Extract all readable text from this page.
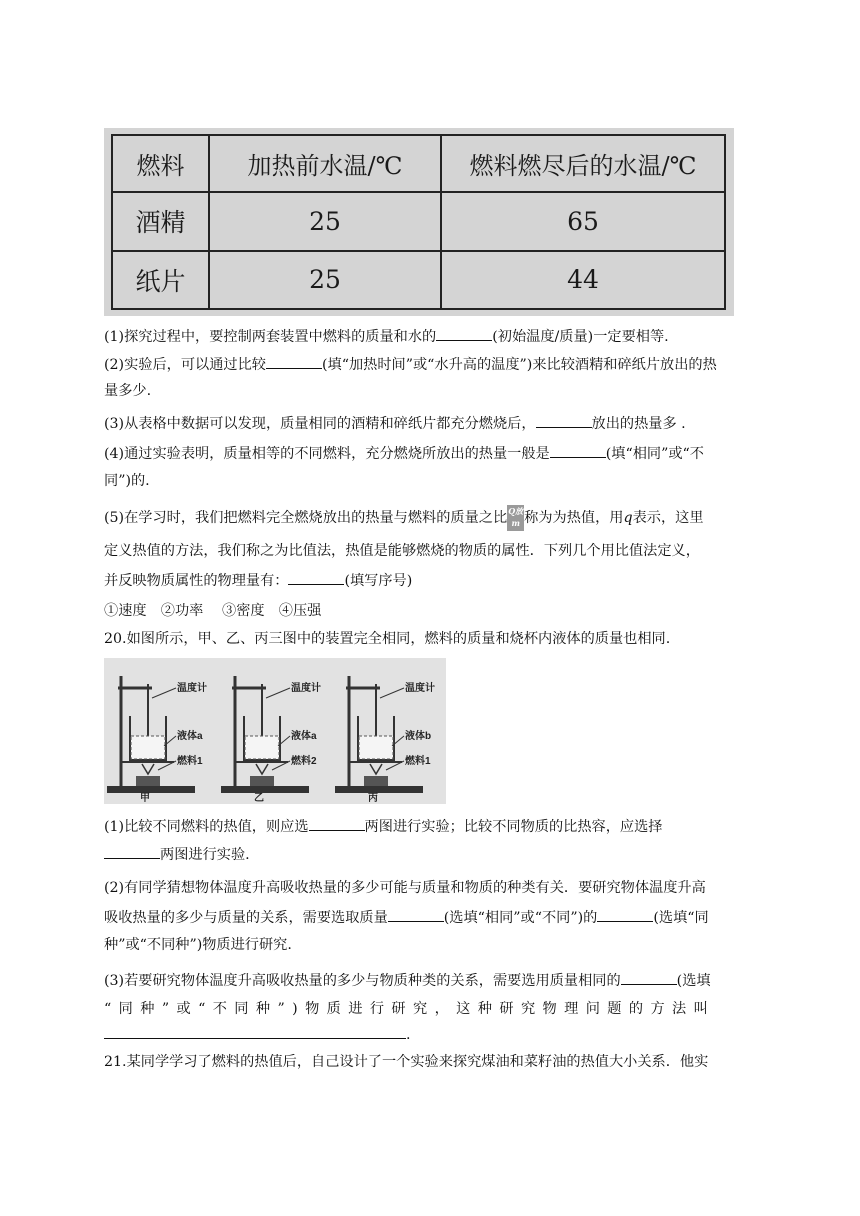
燃料	加热前水温/℃	燃料燃尽后的水温/℃
酒精	25	65
纸片	25	44
(1)探究过程中，要控制两套装置中燃料的质量和水的	(初始温度/质量)一定要相等.
(2)实验后，可以通过比较	(填“加热时间”或“水升高的温度”)来比较酒精和碎纸片放出的热
量多少.
(3)从表格中数据可以发现，质量相同的酒精和碎纸片都充分燃烧后，	放出的热量多 .
(4)通过实验表明，质量相等的不同燃料，充分燃烧所放出的热量一般是	(填“相同”或“不
同”)的.
(5)在学习时，我们把燃料完全燃烧放出的热量与燃料的质量之比Q放
m 称为为热值，用q表示，这里
定义热值的方法，我们称之为比值法，热值是能够燃烧的物质的属性．下列几个用比值法定义，
并反映物质属性的物理量有：	(填写序号)
①速度　②功率　 ③密度　④压强
20.如图所示，甲、乙、丙三图中的装置完全相同，燃料的质量和烧杯内液体的质量也相同.
温度计
液体a
燃料1
甲
温度计
液体a
燃料2
乙
温度计
液体b
燃料1
丙
(1)比较不同燃料的热值，则应选	两图进行实验；比较不同物质的比热容，应选择
两图进行实验.
(2)有同学猜想物体温度升高吸收热量的多少可能与质量和物质的种类有关．要研究物体温度升高
吸收热量的多少与质量的关系，需要选取质量	(选填“相同”或“不同”)的	(选填“同
种”或“不同种”)物质进行研究.
(3)若要研究物体温度升高吸收热量的多少与物质种类的关系，需要选用质量相同的	(选填
“同种”或“不同种”)物质进行研究，这种研究物理问题的方法叫
.
21.某同学学习了燃料的热值后，自己设计了一个实验来探究煤油和菜籽油的热值大小关系．他实
